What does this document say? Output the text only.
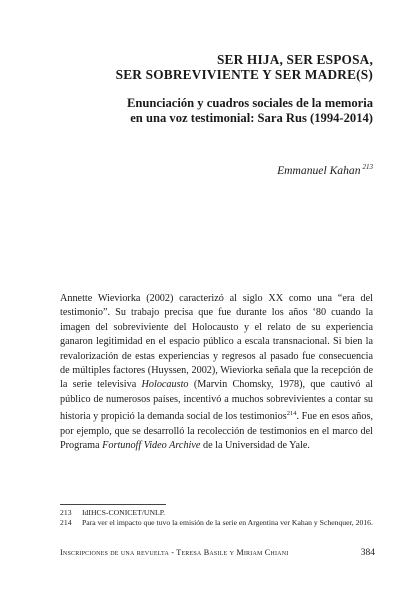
SER HIJA, SER ESPOSA,
SER SOBREVIVIENTE Y SER MADRE(S)
Enunciación y cuadros sociales de la memoria
en una voz testimonial: Sara Rus (1994-2014)
Emmanuel Kahan $^{213}$

Annette Wieviorka (2002) caracterizó al siglo XX como una “era del testimonio”. Su trabajo precisa que fue durante los años ‘80 cuando la imagen del sobreviviente del Holocausto y el relato de su experiencia ganaron legitimidad en el espacio público a escala transnacional. Si bien la revalorización de estas experiencias y regresos al pasado fue consecuencia de múltiples factores (Huyssen, 2002), Wieviorka señala que la recepción de la serie televisiva Holocausto (Marvin Chomsky, 1978), que cautivó al público de numerosos países, incentivó a muchos sobrevivientes a contar su historia y propició la demanda social de los testimonios$^{214}$. Fue en esos años, por ejemplo, que se desarrolló la recolección de testimonios en el marco del Programa Fortunoff Video Archive de la Universidad de Yale.

213	IdIHCS-CONICET/UNLP.
214	Para ver el impacto que tuvo la emisión de la serie en Argentina ver Kahan y Schenquer, 2016.
Inscripciones de una revuelta - Teresa Basile y Miriam Chiani	384
